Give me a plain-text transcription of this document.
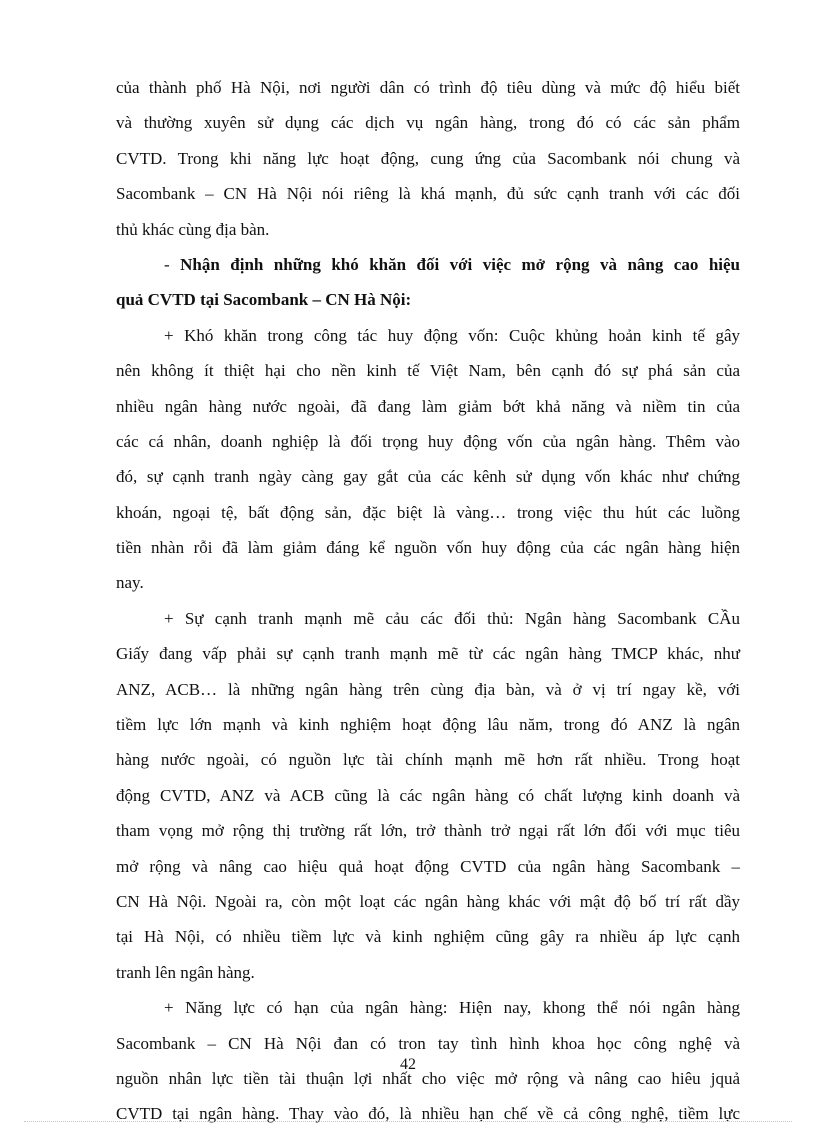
của thành phố Hà Nội, nơi người dân có trình độ tiêu dùng và mức độ hiểu biết
và thường xuyên sử dụng các dịch vụ ngân hàng, trong đó có các sản phẩm
CVTD. Trong khi năng lực hoạt động, cung ứng của Sacombank nói chung và
Sacombank – CN Hà Nội nói riêng là khá mạnh, đủ sức cạnh tranh với các đối
thủ khác cùng địa bàn.
- Nhận định những khó khăn đối với việc mở rộng và nâng cao hiệu
quả CVTD tại Sacombank – CN Hà Nội:
+ Khó khăn trong công tác huy động vốn: Cuộc khủng hoản kinh tế gây
nên không ít thiệt hại cho nền kinh tế Việt Nam, bên cạnh đó sự phá sản của
nhiều ngân hàng nước ngoài, đã đang làm giảm bớt khả năng và niềm tin của
các cá nhân, doanh nghiệp là đối trọng huy động vốn của ngân hàng. Thêm vào
đó, sự cạnh tranh ngày càng gay gắt của các kênh sử dụng vốn khác như chứng
khoán, ngoại tệ, bất động sản, đặc biệt là vàng… trong việc thu hút các luồng
tiền nhàn rỗi đã làm giảm đáng kể nguồn vốn huy động của các ngân hàng hiện
nay.
+ Sự cạnh tranh mạnh mẽ cảu các đối thủ: Ngân hàng Sacombank CẦu
Giấy đang vấp phải sự cạnh tranh mạnh mẽ từ các ngân hàng TMCP khác, như
ANZ, ACB… là những ngân hàng trên cùng địa bàn, và ở vị trí ngay kề, với
tiềm lực lớn mạnh và kinh nghiệm hoạt động lâu năm, trong đó ANZ là ngân
hàng nước ngoài, có nguồn lực tài chính mạnh mẽ hơn rất nhiều. Trong hoạt
động CVTD, ANZ và ACB cũng là các ngân hàng có chất lượng kinh doanh và
tham vọng mở rộng thị trường rất lớn, trở thành trở ngại rất lớn đối với mục tiêu
mở rộng và nâng cao hiệu quả hoạt động CVTD của ngân hàng Sacombank –
CN Hà Nội. Ngoài ra, còn một loạt các ngân hàng khác với mật độ bố trí rất dầy
tại Hà Nội, có nhiều tiềm lực và kinh nghiệm cũng gây ra nhiều áp lực cạnh
tranh lên ngân hàng.
+ Năng lực có hạn của ngân hàng: Hiện nay, khong thể nói ngân hàng
Sacombank – CN Hà Nội đan có tron tay tình hình khoa học công nghệ và
nguồn nhân lực tiền tài thuận lợi nhất cho việc mở rộng và nâng cao hiêu jquả
CVTD tại ngân hàng. Thay vào đó, là nhiều hạn chế về cả công nghệ, tiềm lực
42
